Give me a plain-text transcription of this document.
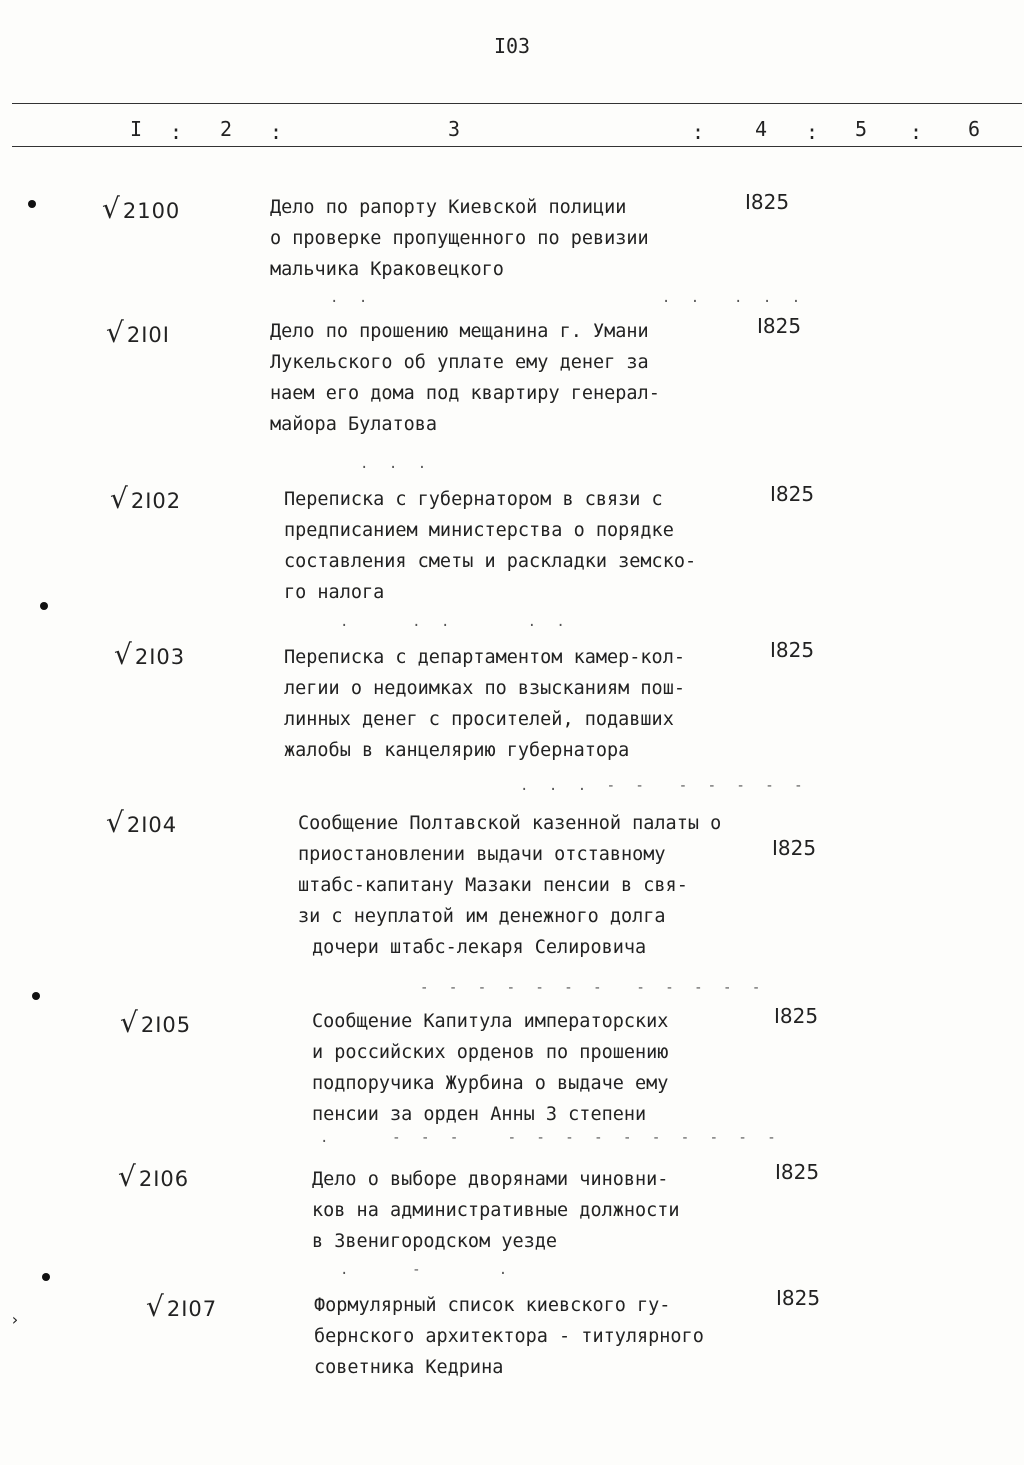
I03
I : 2 :	3	:	4 : 5 : 6
›
√2100	Дело по рапорту Киевской полиции
о проверке пропущенного по ревизии
мальчика Краковецкого
I825
. .                    . .  . . .
√2I0I	Дело по прошению мещанина г. Умани
Лукельского об уплате ему денег за
наем его дома под квартиру генерал-
майора Булатова
I825
. . .
√2I02	Переписка с губернатором в связи с
предписанием министерства о порядке
составления сметы и раскладки земско-
го налога
I825
.    . .     . .
√2I03	Переписка с департаментом камер-кол-
легии о недоимках по взысканиям пош-
линных денег с просителей, подавших
жалобы в канцелярию губернатора
I825
. . . - -  - - - - -
√2I04	Сообщение Полтавской казенной палаты о
приостановлении выдачи отставному
штабс-капитану Мазаки пенсии в свя-
зи с неуплатой им денежного долга
дочери штабс-лекаря Селировича
I825
- - - - - - -  - - - - -
√2I05	Сообщение Капитула императорских
и российских орденов по прошению
подпоручика Журбина о выдаче ему
пенсии за орден Анны 3 степени
I825
.    - - -   - - - - - - - - - -
√2I06	Дело о выборе дворянами чиновни-
ков на административные должности
в Звенигородском уезде
I825
.    -     .
√2I07	Формулярный список киевского гу-
бернского архитектора - титулярного
советника Кедрина
I825
